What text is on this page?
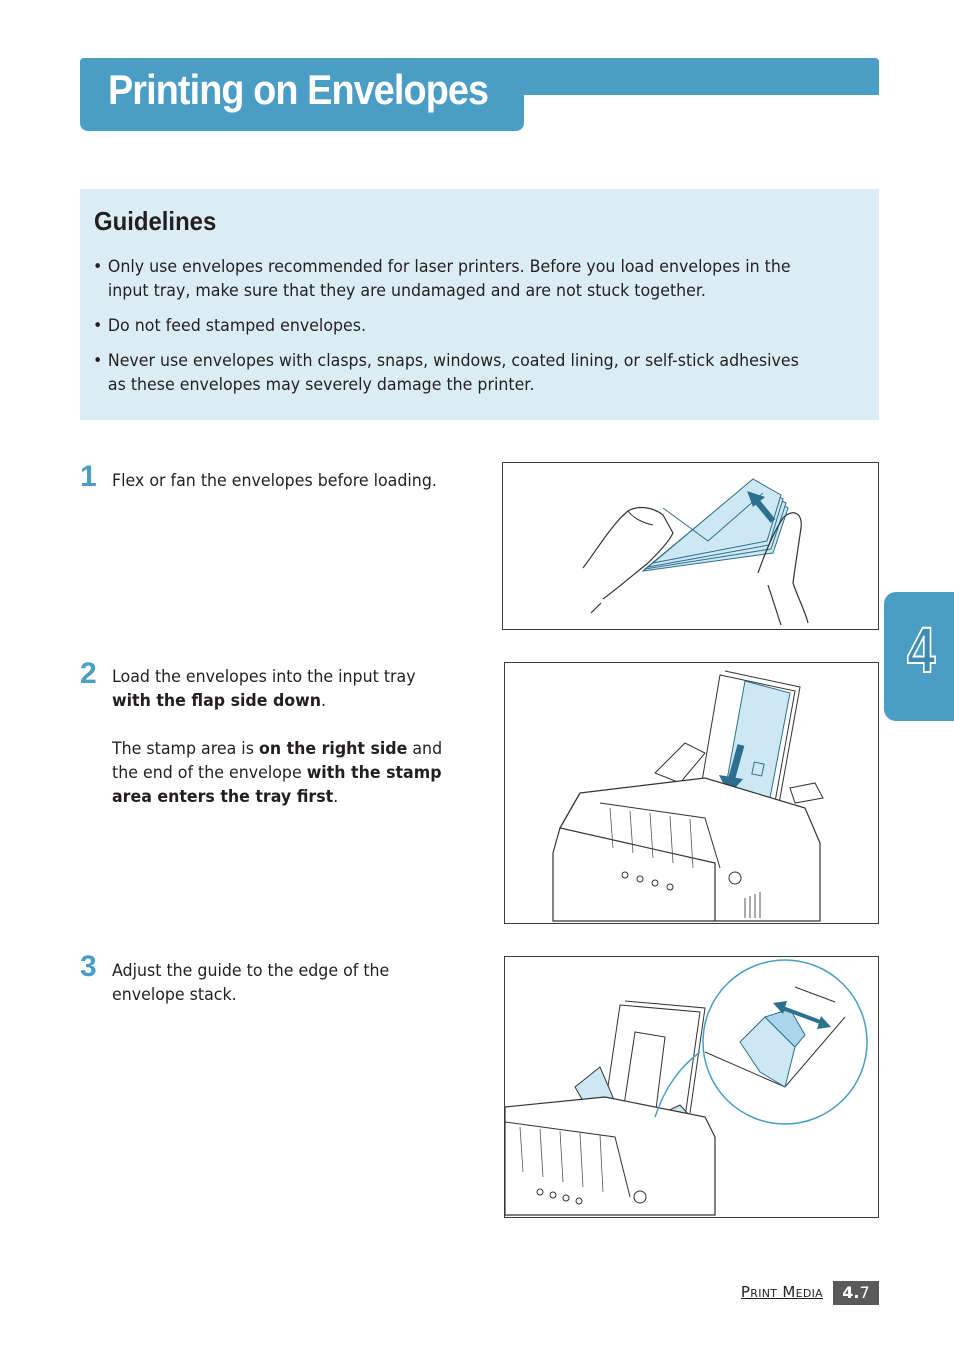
Printing on Envelopes
Guidelines
• Only use envelopes recommended for laser printers. Before you load envelopes in the input tray, make sure that they are undamaged and are not stuck together.
• Do not feed stamped envelopes.
• Never use envelopes with clasps, snaps, windows, coated lining, or self-stick adhesives as these envelopes may severely damage the printer.
1 Flex or fan the envelopes before loading.
2 Load the envelopes into the input tray with the flap side down.
The stamp area is on the right side and the end of the envelope with the stamp area enters the tray first.
3 Adjust the guide to the edge of the envelope stack.
4
Print Media	4.7
